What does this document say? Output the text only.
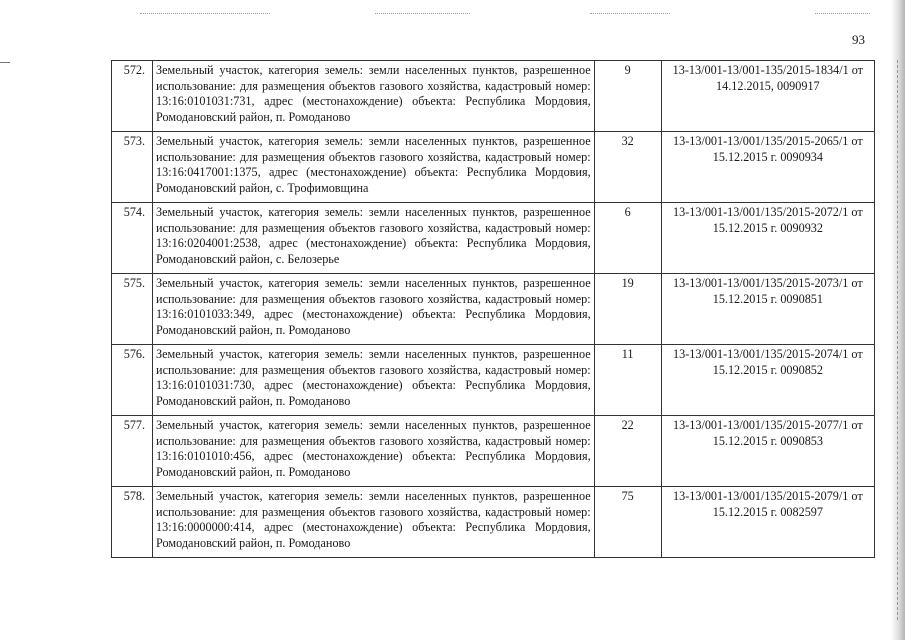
93
572.	Земельный участок, категория земель: земли населенных пунктов, разрешенное использование: для размещения объектов газового хозяйства, кадастровый номер: 13:16:0101031:731, адрес (местонахождение) объекта: Республика Мордовия, Ромодановский район, п. Ромоданово	9	13-13/001-13/001-135/2015-1834/1 от 14.12.2015, 0090917
573.	Земельный участок, категория земель: земли населенных пунктов, разрешенное использование: для размещения объектов газового хозяйства, кадастровый номер: 13:16:0417001:1375, адрес (местонахождение) объекта: Республика Мордовия, Ромодановский район, с. Трофимовщина	32	13-13/001-13/001/135/2015-2065/1 от 15.12.2015 г. 0090934
574.	Земельный участок, категория земель: земли населенных пунктов, разрешенное использование: для размещения объектов газового хозяйства, кадастровый номер: 13:16:0204001:2538, адрес (местонахождение) объекта: Республика Мордовия, Ромодановский район, с. Белозерье	6	13-13/001-13/001/135/2015-2072/1 от 15.12.2015 г. 0090932
575.	Земельный участок, категория земель: земли населенных пунктов, разрешенное использование: для размещения объектов газового хозяйства, кадастровый номер: 13:16:0101033:349, адрес (местонахождение) объекта: Республика Мордовия, Ромодановский район, п. Ромоданово	19	13-13/001-13/001/135/2015-2073/1 от 15.12.2015 г. 0090851
576.	Земельный участок, категория земель: земли населенных пунктов, разрешенное использование: для размещения объектов газового хозяйства, кадастровый номер: 13:16:0101031:730, адрес (местонахождение) объекта: Республика Мордовия, Ромодановский район, п. Ромоданово	11	13-13/001-13/001/135/2015-2074/1 от 15.12.2015 г. 0090852
577.	Земельный участок, категория земель: земли населенных пунктов, разрешенное использование: для размещения объектов газового хозяйства, кадастровый номер: 13:16:0101010:456, адрес (местонахождение) объекта: Республика Мордовия, Ромодановский район, п. Ромоданово	22	13-13/001-13/001/135/2015-2077/1 от 15.12.2015 г. 0090853
578.	Земельный участок, категория земель: земли населенных пунктов, разрешенное использование: для размещения объектов газового хозяйства, кадастровый номер: 13:16:0000000:414, адрес (местонахождение) объекта: Республика Мордовия, Ромодановский район, п. Ромоданово	75	13-13/001-13/001/135/2015-2079/1 от 15.12.2015 г. 0082597
